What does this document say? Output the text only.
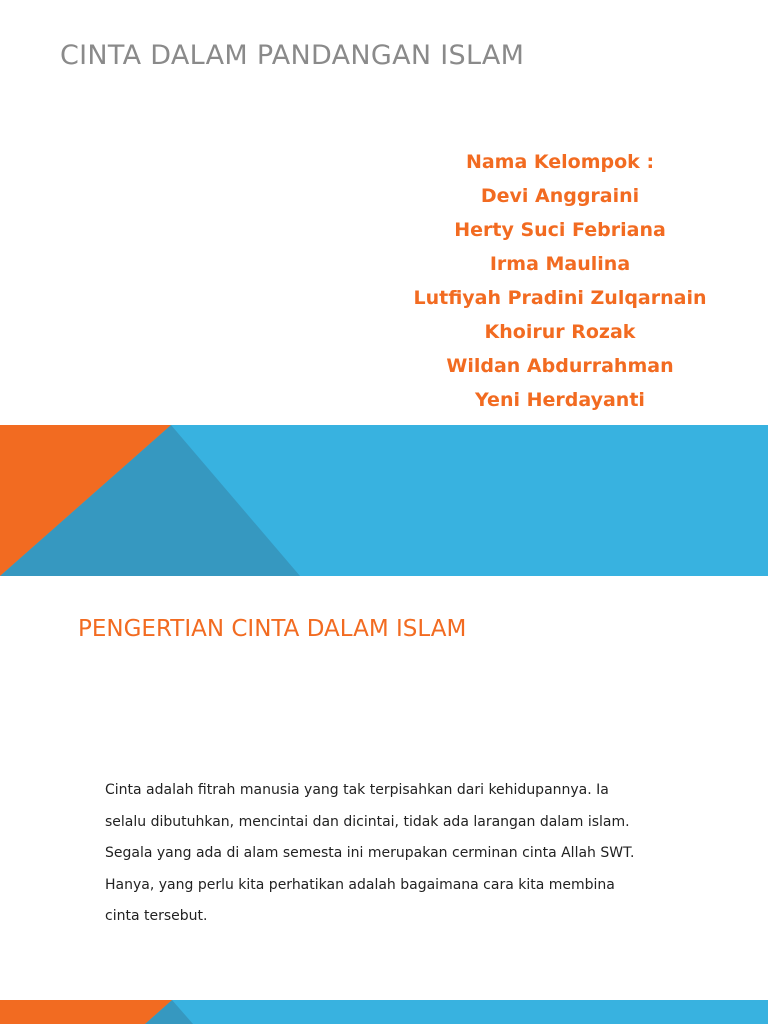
CINTA DALAM PANDANGAN ISLAM
Nama Kelompok :
Devi Anggraini
Herty Suci Febriana
Irma Maulina
Lutfiyah Pradini Zulqarnain
Khoirur Rozak
Wildan Abdurrahman
Yeni Herdayanti
PENGERTIAN CINTA DALAM ISLAM
Cinta adalah fitrah manusia yang tak terpisahkan dari kehidupannya. Ia
selalu dibutuhkan, mencintai dan dicintai, tidak ada larangan dalam islam.
Segala yang ada di alam semesta ini merupakan cerminan cinta Allah SWT.
Hanya, yang perlu kita perhatikan adalah bagaimana cara kita membina
cinta tersebut.
